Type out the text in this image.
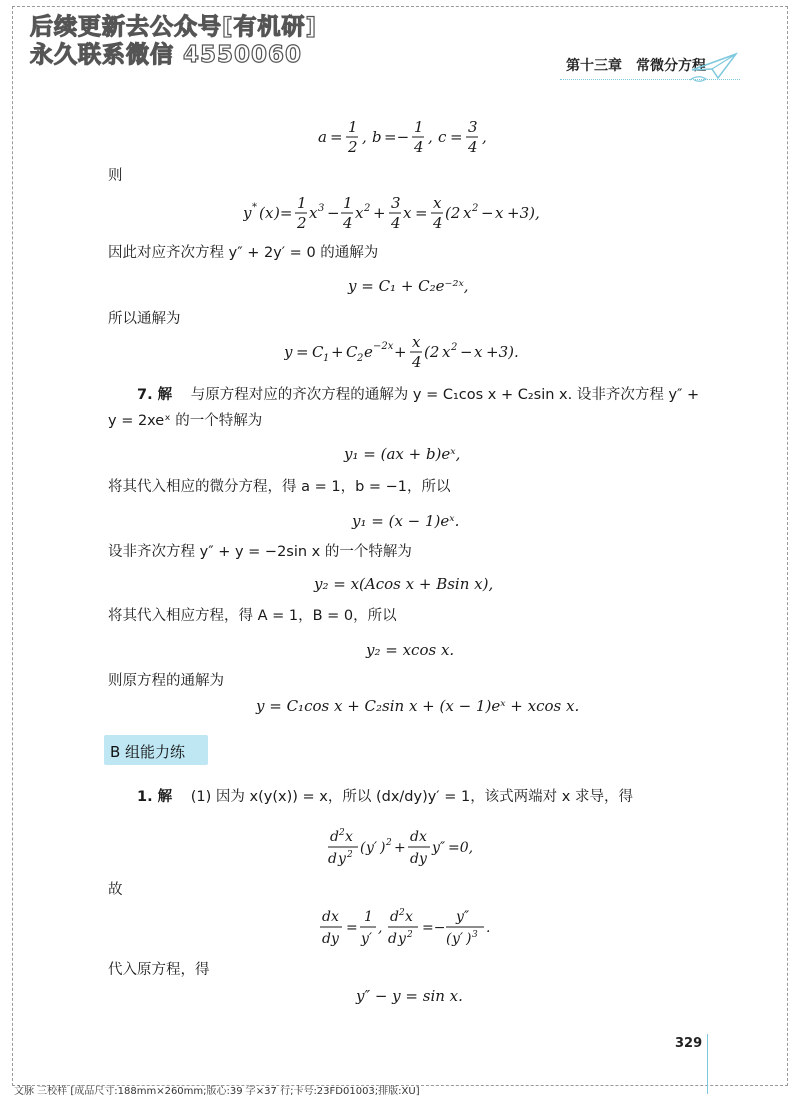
后续更新去公众号[有机研]
永久联系微信 4550060	第十三章　常微分方程
a =
1
2
, b =−
1
4
, c =
3
4
,
则
y * ( x )=
1
2
x 3 −
1
4
x 2 +
3
4
x =
x
4
(2 x 2 − x +3),
因此对应齐次方程 y″ + 2y′ = 0 的通解为
y = C₁ + C₂e⁻²ˣ,
所以通解为
y = C 1 + C 2 e −2x +
x
4
(2 x 2 − x +3).
7. 解 与原方程对应的齐次方程的通解为 y = C₁cos x + C₂sin x. 设非齐次方程 y″ +
y = 2xeˣ 的一个特解为
y₁ = (ax + b)eˣ,
将其代入相应的微分方程，得 a = 1，b = −1，所以
y₁ = (x − 1)eˣ.
设非齐次方程 y″ + y = −2sin x 的一个特解为
y₂ = x(Acos x + Bsin x),
将其代入相应方程，得 A = 1，B = 0，所以
y₂ = xcos x.
则原方程的通解为
y = C₁cos x + C₂sin x + (x − 1)eˣ + xcos x.
B 组能力练
1. 解 (1) 因为 x(y(x)) = x，所以 (dx/dy)y′ = 1，该式两端对 x 求导，得
d 2 x
d y 2 ( y′ ) 2 +
d x
d y
y″ =0,
故
d x
d y
=
1
y′
,
d 2 x
d y 2 =−
y″
( y′ ) 3 .
代入原方程，得
y″ − y = sin x.
329
文脉 三校样 [成品尺寸:188mm×260mm;版心:39 字×37 行;卡号:23FD01003;排版:XU]
